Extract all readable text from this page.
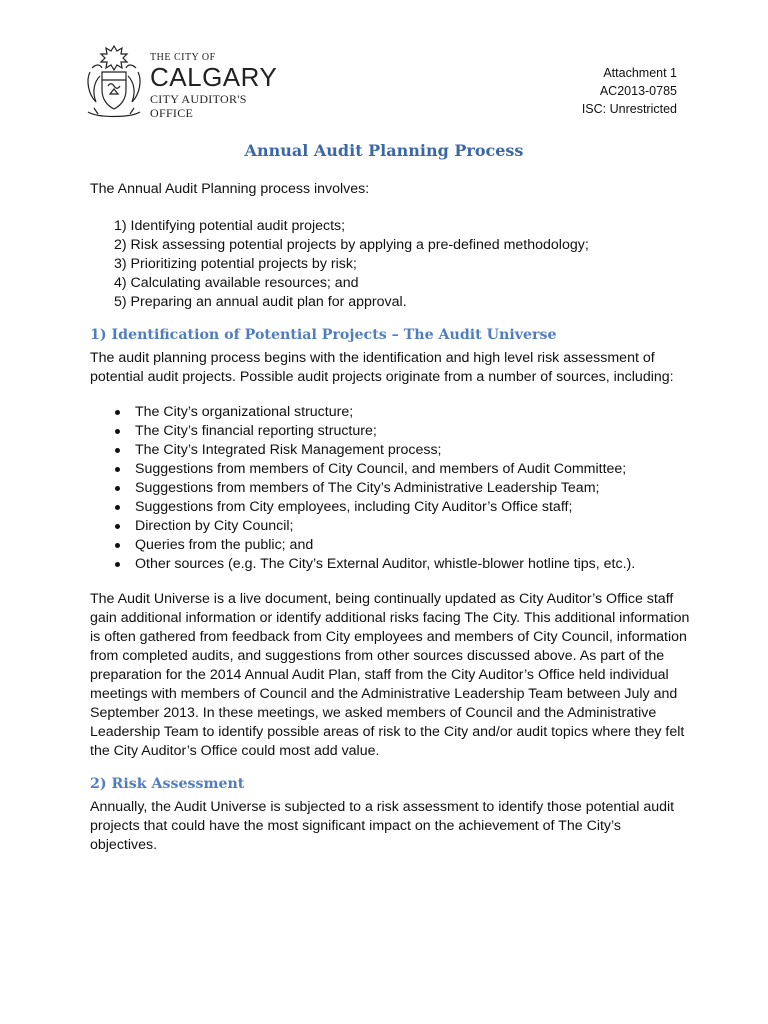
THE CITY OF
CALGARY
CITY AUDITOR'S OFFICE
Attachment 1
AC2013-0785
ISC: Unrestricted
Annual Audit Planning Process

The Annual Audit Planning process involves:

1) Identifying potential audit projects;
2) Risk assessing potential projects by applying a pre-defined methodology;
3) Prioritizing potential projects by risk;
4) Calculating available resources; and
5) Preparing an annual audit plan for approval.
1) Identification of Potential Projects – The Audit Universe

The audit planning process begins with the identification and high level risk assessment of potential audit projects. Possible audit projects originate from a number of sources, including:

The City’s organizational structure;
The City’s financial reporting structure;
The City’s Integrated Risk Management process;
Suggestions from members of City Council, and members of Audit Committee;
Suggestions from members of The City’s Administrative Leadership Team;
Suggestions from City employees, including City Auditor’s Office staff;
Direction by City Council;
Queries from the public; and
Other sources (e.g. The City’s External Auditor, whistle-blower hotline tips, etc.).

The Audit Universe is a live document, being continually updated as City Auditor’s Office staff gain additional information or identify additional risks facing The City. This additional information is often gathered from feedback from City employees and members of City Council, information from completed audits, and suggestions from other sources discussed above. As part of the preparation for the 2014 Annual Audit Plan, staff from the City Auditor’s Office held individual meetings with members of Council and the Administrative Leadership Team between July and September 2013. In these meetings, we asked members of Council and the Administrative Leadership Team to identify possible areas of risk to the City and/or audit topics where they felt the City Auditor’s Office could most add value.

2) Risk Assessment

Annually, the Audit Universe is subjected to a risk assessment to identify those potential audit projects that could have the most significant impact on the achievement of The City’s objectives.
